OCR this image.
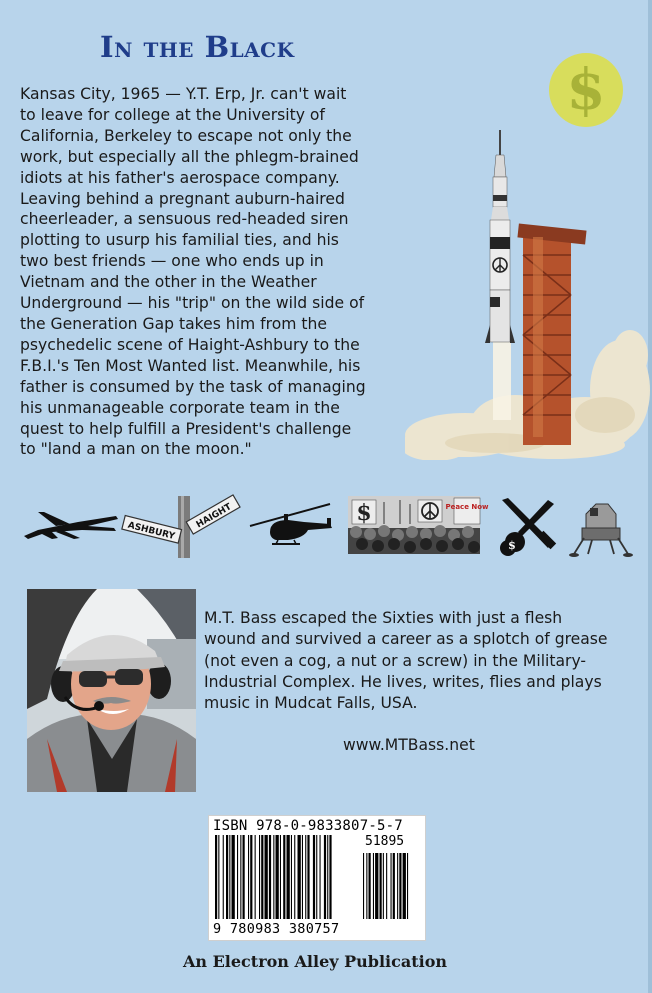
In the Black
Kansas City, 1965 — Y.T. Erp, Jr. can't wait
to leave for college at the University of
California, Berkeley to escape not only the
work, but especially all the phlegm-brained
idiots at his father's aerospace company.
Leaving behind a pregnant auburn-haired
cheerleader, a sensuous red-headed siren
plotting to usurp his familial ties, and his
two best friends — one who ends up in
Vietnam and the other in the Weather
Underground — his "trip" on the wild side of
the Generation Gap takes him from the
psychedelic scene of Haight-Ashbury to the
F.B.I.'s Ten Most Wanted list. Meanwhile, his
father is consumed by the task of managing
his unmanageable corporate team in the
quest to help fulfill a President's challenge
to "land a man on the moon."
$
ASHBURY
HAIGHT	$	Peace Now
$
M.T. Bass escaped the Sixties with just a flesh
wound and survived a career as a splotch of grease
(not even a cog, a nut or a screw) in the Military-
Industrial Complex. He lives, writes, flies and plays
music in Mudcat Falls, USA.
www.MTBass.net
ISBN 978-0-9833807-5-7
51895
9 780983 380757
An Electron Alley Publication
